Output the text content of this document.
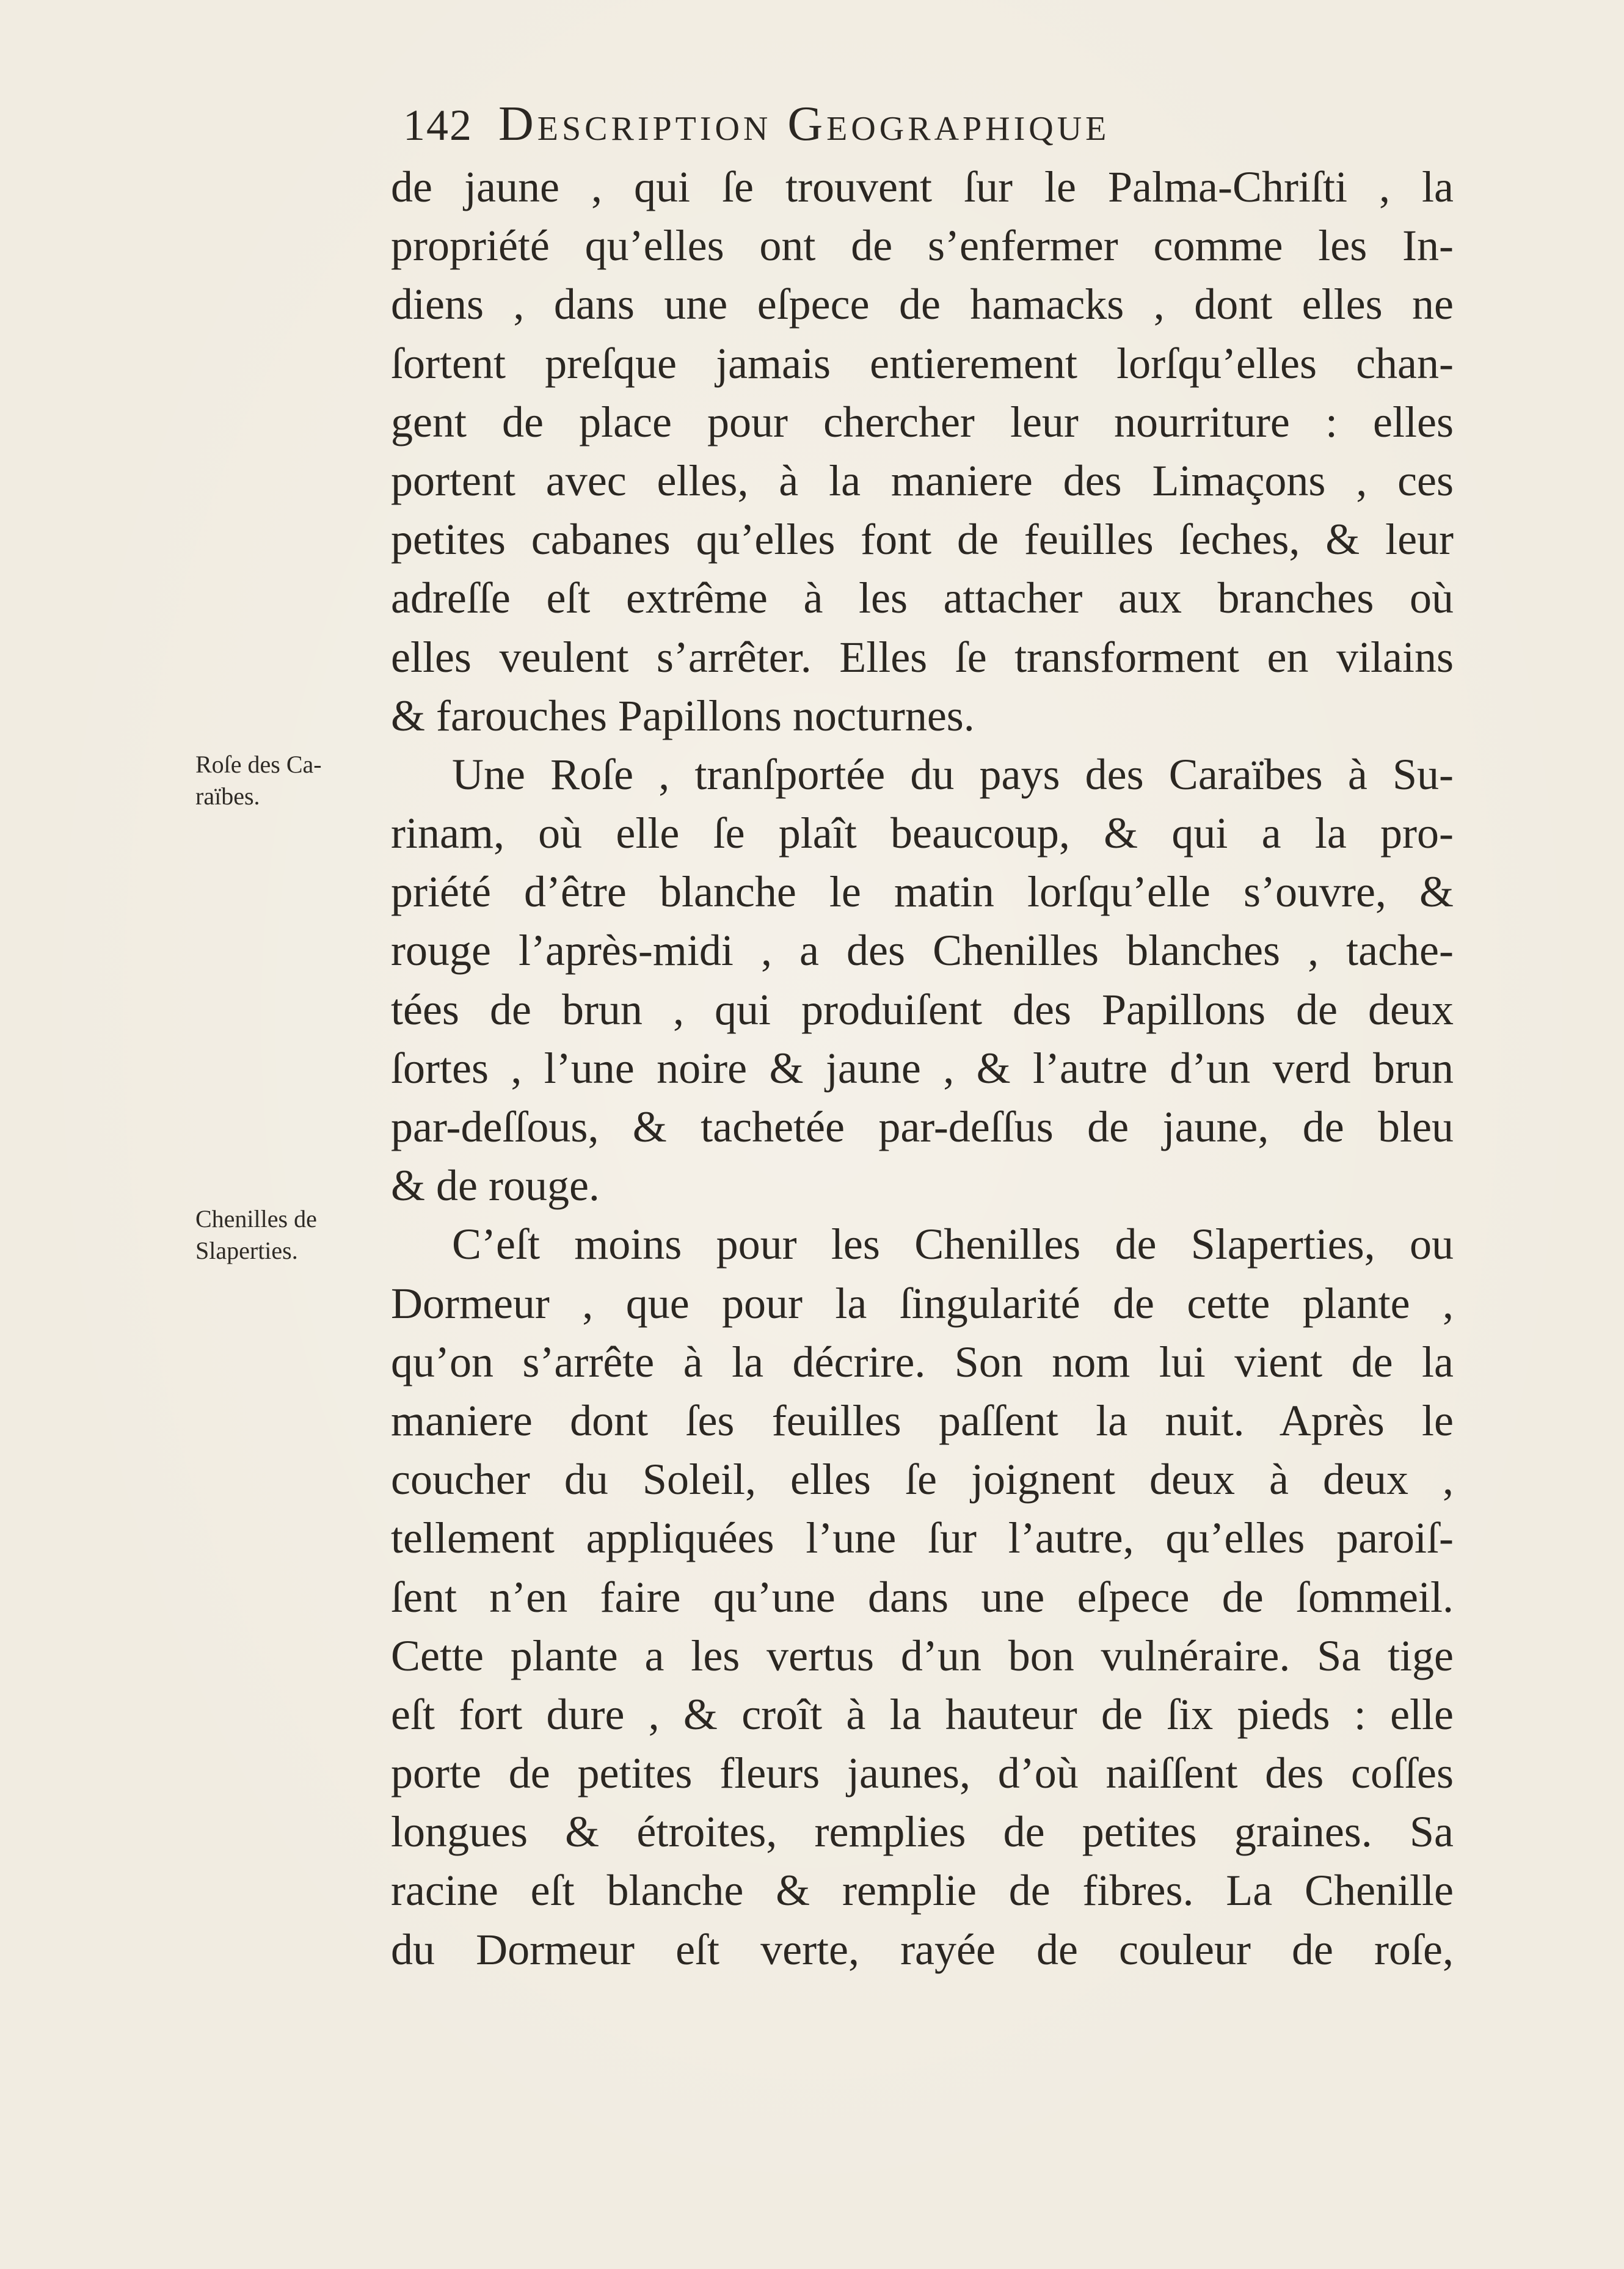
142 Description Geographique
Roſe des Ca-
raïbes.
Chenilles de
Slaperties.
de jaune , qui ſe trouvent ſur le Palma-Chriſti , la
propriété qu’elles ont de s’enfermer comme les In-
diens , dans une eſpece de hamacks , dont elles ne
ſortent preſque jamais entierement lorſqu’elles chan-
gent de place pour chercher leur nourriture : elles
portent avec elles, à la maniere des Limaçons , ces
petites cabanes qu’elles font de feuilles ſeches, & leur
adreſſe eſt extrême à les attacher aux branches où
elles veulent s’arrêter. Elles ſe transforment en vilains
& farouches Papillons nocturnes.
Une Roſe , tranſportée du pays des Caraïbes à Su-
rinam, où elle ſe plaît beaucoup, & qui a la pro-
priété d’être blanche le matin lorſqu’elle s’ouvre, &
rouge l’après-midi , a des Chenilles blanches , tache-
tées de brun , qui produiſent des Papillons de deux
ſortes , l’une noire & jaune , & l’autre d’un verd brun
par-deſſous, & tachetée par-deſſus de jaune, de bleu
& de rouge.
C’eſt moins pour les Chenilles de Slaperties, ou
Dormeur , que pour la ſingularité de cette plante ,
qu’on s’arrête à la décrire. Son nom lui vient de la
maniere dont ſes feuilles paſſent la nuit. Après le
coucher du Soleil, elles ſe joignent deux à deux ,
tellement appliquées l’une ſur l’autre, qu’elles paroiſ-
ſent n’en faire qu’une dans une eſpece de ſommeil.
Cette plante a les vertus d’un bon vulnéraire. Sa tige
eſt fort dure , & croît à la hauteur de ſix pieds : elle
porte de petites fleurs jaunes, d’où naiſſent des coſſes
longues & étroites, remplies de petites graines. Sa
racine eſt blanche & remplie de fibres. La Chenille
du Dormeur eſt verte, rayée de couleur de roſe,
